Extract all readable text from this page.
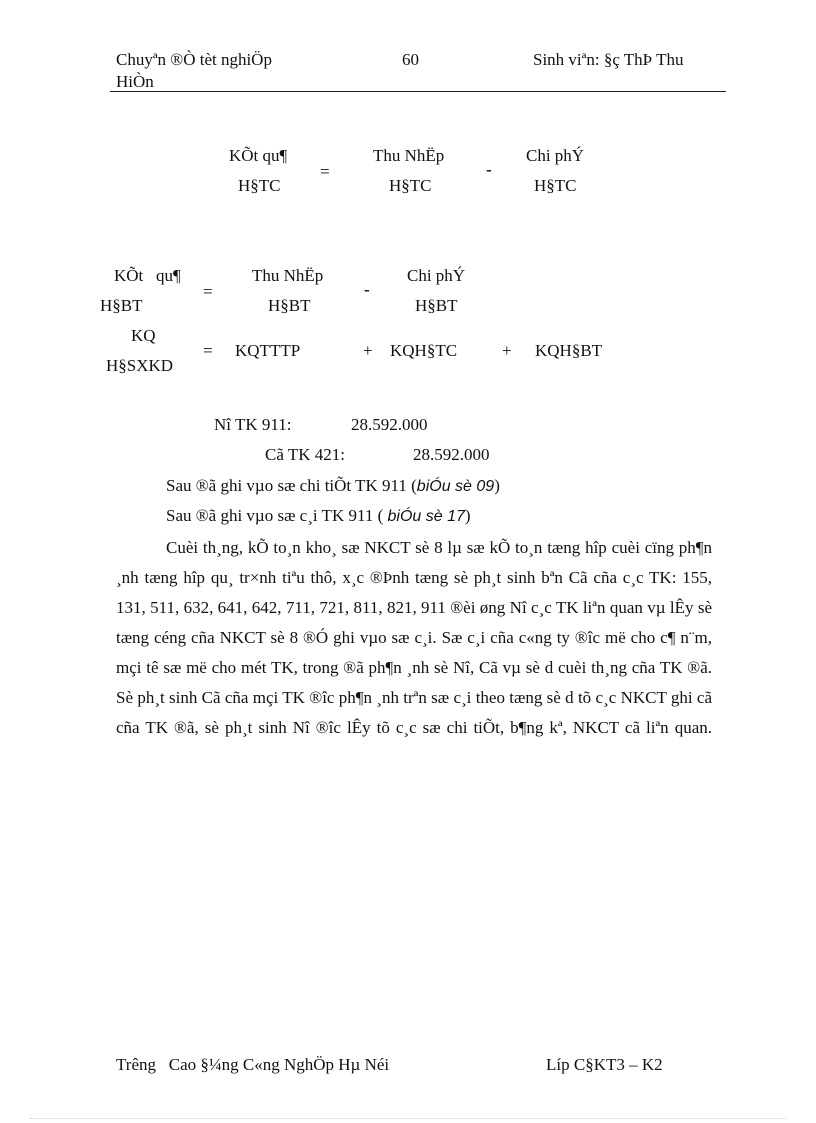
Chuyªn ®Ò tèt nghiÖp
HiÒn
60	Sinh viªn: §ç ThÞ Thu
KÕt qu¶
H§TC
=
Thu NhËp
H§TC
-
Chi phÝ
H§TC
KÕt   qu¶
H§BT
=
Thu NhËp
H§BT
-
Chi phÝ
H§BT
KQ
H§SXKD
= KQTTTP	+ KQH§TC	+ KQH§BT
Nî TK 911:	28.592.000
Cã TK 421:	28.592.000
Sau ®ã ghi vµo sæ chi tiÕt TK 911 (biÓu sè 09)
Sau ®ã ghi vµo sæ c¸i TK 911 ( biÓu sè 17)

Cuèi th¸ng, kÕ to¸n kho¸ sæ NKCT sè 8 lµ sæ kÕ to¸n tæng hîp cuèi cïng ph¶n ¸nh tæng hîp qu¸ tr×nh tiªu thô, x¸c ®Þnh tæng sè ph¸t sinh bªn Cã cña c¸c TK: 155, 131, 511, 632, 641, 642, 711, 721, 811, 821, 911 ®èi øng Nî c¸c TK liªn quan vµ lÊy sè tæng céng cña NKCT sè 8 ®Ó ghi vµo sæ c¸i. Sæ c¸i cña c«ng ty ®îc më cho c¶ n¨m, mçi tê sæ më cho mét TK, trong ®ã ph¶n ¸nh sè Nî, Cã vµ sè d cuèi th¸ng cña TK ®ã. Sè ph¸t sinh Cã cña mçi TK ®îc ph¶n ¸nh trªn sæ c¸i theo tæng sè d tõ c¸c NKCT ghi cã cña TK ®ã, sè ph¸t sinh Nî ®îc lÊy tõ c¸c sæ chi tiÕt, b¶ng kª, NKCT cã liªn quan.

Trêng   Cao §¼ng C«ng NghÖp Hµ Néi	Líp C§KT3 – K2
